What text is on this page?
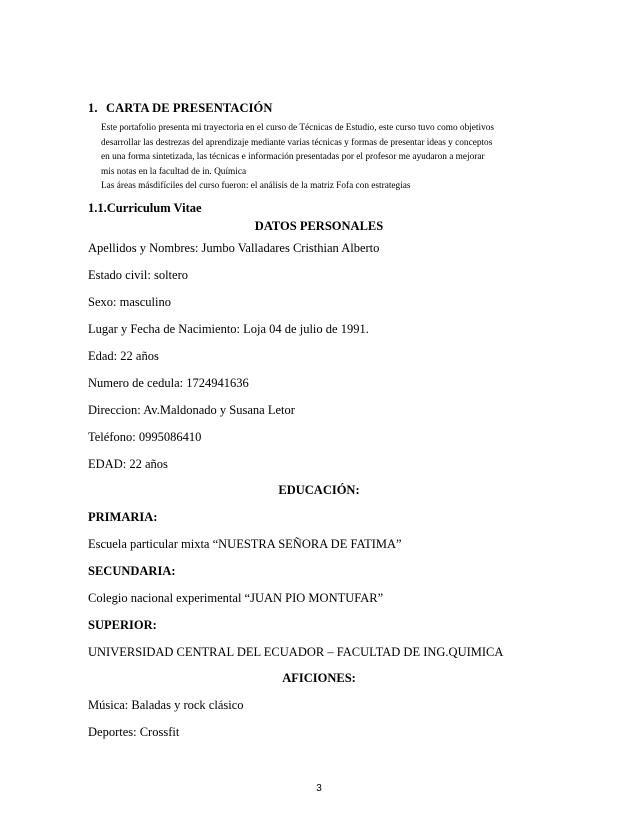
1. CARTA DE PRESENTACIÓN
Este portafolio presenta mi trayectoria en el curso de Técnicas de Estudio, este curso tuvo como objetivos
desarrollar las destrezas del aprendizaje mediante varias técnicas y formas de presentar ideas y conceptos
en una forma sintetizada, las técnicas e información presentadas por el profesor me ayudaron a mejorar
mis notas en la facultad de in. Química
Las áreas másdifíciles del curso fueron: el análisis de la matriz Fofa con estrategias
1.1.Curriculum Vitae
DATOS PERSONALES
Apellidos y Nombres: Jumbo Valladares Cristhian Alberto
Estado civil: soltero
Sexo: masculino
Lugar y Fecha de Nacimiento: Loja 04 de julio de 1991.
Edad: 22 años
Numero de cedula: 1724941636
Direccion: Av.Maldonado y Susana Letor
Teléfono: 0995086410
EDAD: 22 años
EDUCACIÓN:
PRIMARIA:
Escuela particular mixta “NUESTRA SEÑORA DE FATIMA”
SECUNDARIA:
Colegio nacional experimental “JUAN PIO MONTUFAR”
SUPERIOR:
UNIVERSIDAD CENTRAL DEL ECUADOR – FACULTAD DE ING.QUIMICA
AFICIONES:
Música: Baladas y rock clásico
Deportes: Crossfit
3
